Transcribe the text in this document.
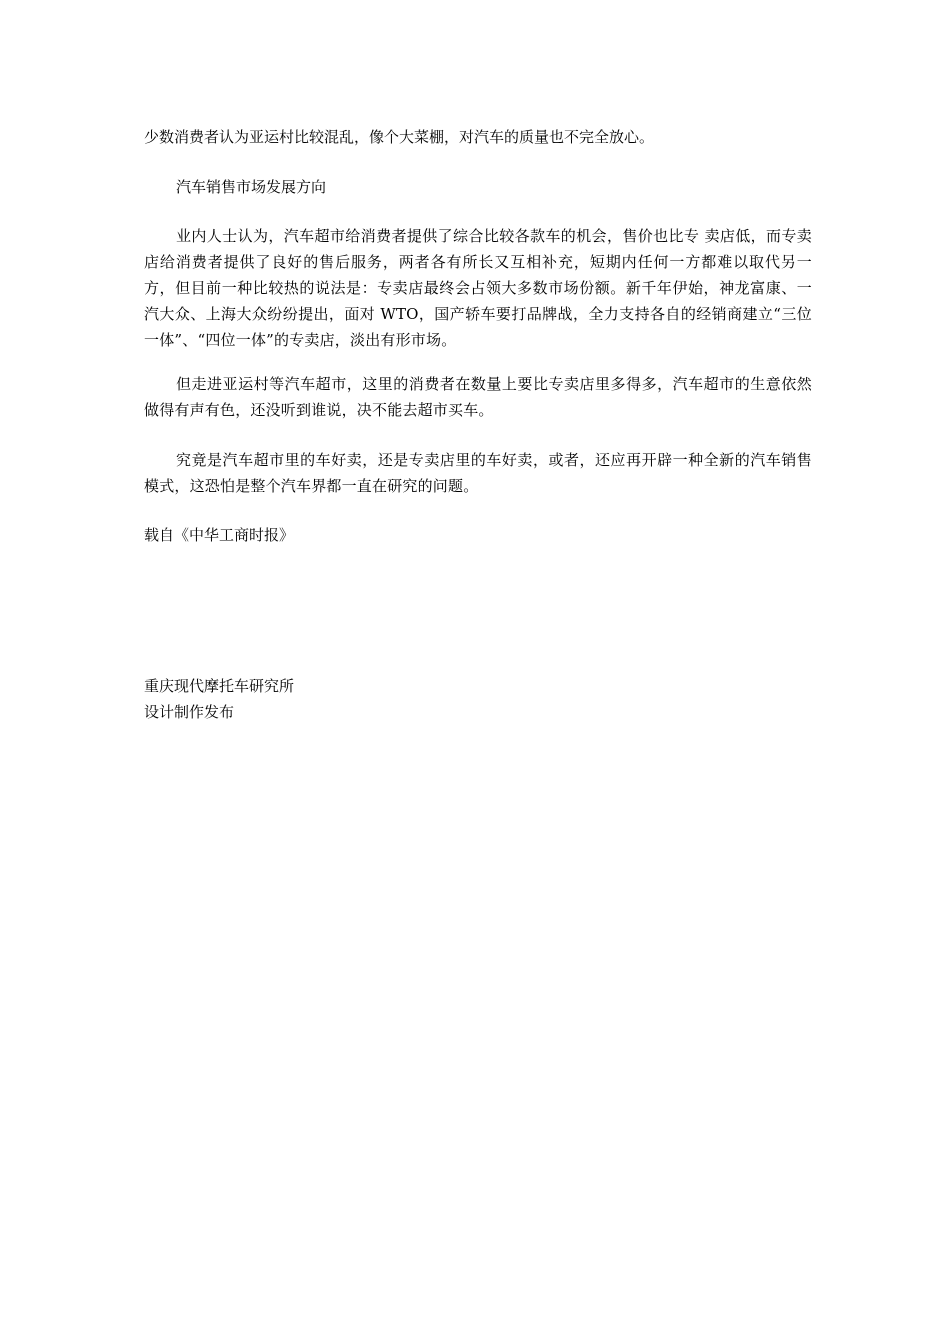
少数消费者认为亚运村比较混乱，像个大菜棚，对汽车的质量也不完全放心。

汽车销售市场发展方向

业内人士认为，汽车超市给消费者提供了综合比较各款车的机会，售价也比专 卖店低，而专卖店给消费者提供了良好的售后服务，两者各有所长又互相补充，短期内任何一方都难以取代另一方，但目前一种比较热的说法是：专卖店最终会占领大多数市场份额。新千年伊始，神龙富康、一汽大众、上海大众纷纷提出，面对 WTO，国产轿车要打品牌战，全力支持各自的经销商建立“三位一体”、“四位一体”的专卖店，淡出有形市场。

但走进亚运村等汽车超市，这里的消费者在数量上要比专卖店里多得多，汽车超市的生意依然做得有声有色，还没听到谁说，决不能去超市买车。

究竟是汽车超市里的车好卖，还是专卖店里的车好卖，或者，还应再开辟一种全新的汽车销售模式，这恐怕是整个汽车界都一直在研究的问题。

载自《中华工商时报》

重庆现代摩托车研究所

设计制作发布
